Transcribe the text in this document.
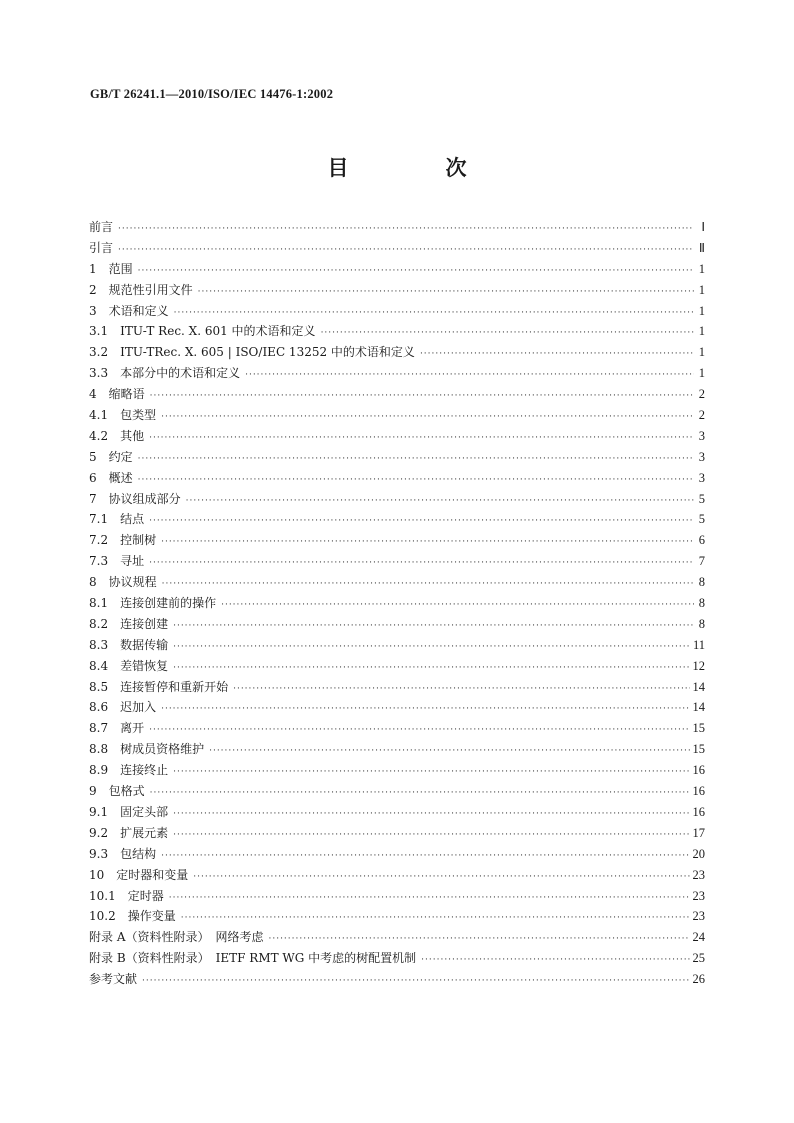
GB/T 26241.1—2010/ISO/IEC 14476-1:2002
目　次
前言 ·····	Ⅰ
引言 ·····	Ⅱ
1　范围 ·····	1
2　规范性引用文件 ·····	1
3　术语和定义 ·····	1
3.1　ITU-T Rec. X. 601 中的术语和定义 ·····	1
3.2　ITU-TRec. X. 605 | ISO/IEC 13252 中的术语和定义 ·····	1
3.3　本部分中的术语和定义 ·····	1
4　缩略语 ·····	2
4.1　包类型 ·····	2
4.2　其他 ·····	3
5　约定 ·····	3
6　概述 ·····	3
7　协议组成部分 ·····	5
7.1　结点 ·····	5
7.2　控制树 ·····	6
7.3　寻址 ·····	7
8　协议规程 ·····	8
8.1　连接创建前的操作 ·····	8
8.2　连接创建 ·····	8
8.3　数据传输 ·····	11
8.4　差错恢复 ·····	12
8.5　连接暂停和重新开始 ·····	14
8.6　迟加入 ·····	14
8.7　离开 ·····	15
8.8　树成员资格维护 ·····	15
8.9　连接终止 ·····	16
9　包格式 ·····	16
9.1　固定头部 ·····	16
9.2　扩展元素 ·····	17
9.3　包结构 ·····	20
10　定时器和变量 ·····	23
10.1　定时器 ·····	23
10.2　操作变量 ·····	23
附录 A（资料性附录）　网络考虑 ·····	24
附录 B（资料性附录）　IETF RMT WG 中考虑的树配置机制 ·····	25
参考文献 ·····	26
